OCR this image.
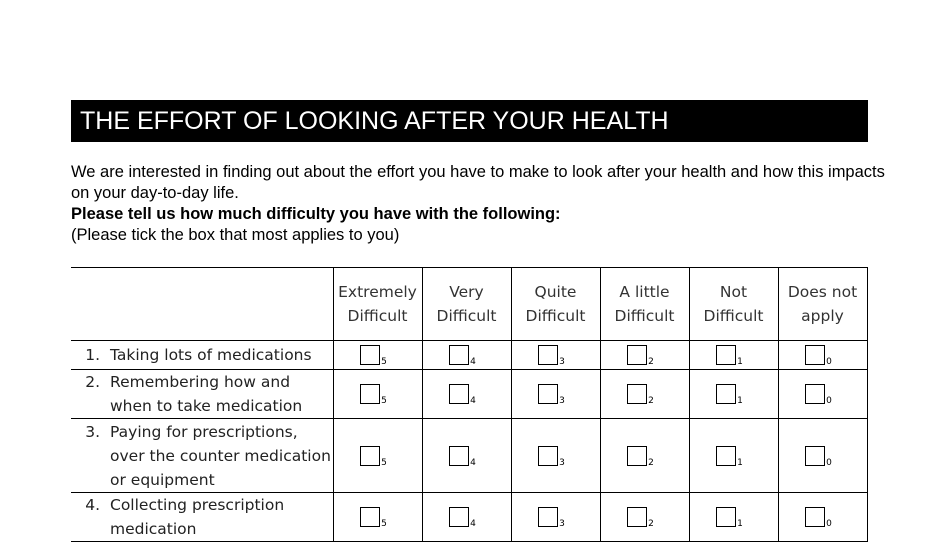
THE EFFORT OF LOOKING AFTER YOUR HEALTH

We are interested in finding out about the effort you have to make to look after your health and how this impacts on your day-to-day life.

Please tell us how much difficulty you have with the following:

(Please tick the box that most applies to you)

	Extremely Difficult	Very Difficult	Quite Difficult	A little Difficult	Not Difficult	Does not apply

1. Taking lots of medications	5	4	3	2	1	0

2. Remembering how and when to take medication	5	4	3	2	1	0

3. Paying for prescriptions, over the counter medication or equipment	5	4	3	2	1	0

4. Collecting prescription medication	5	4	3	2	1	0
